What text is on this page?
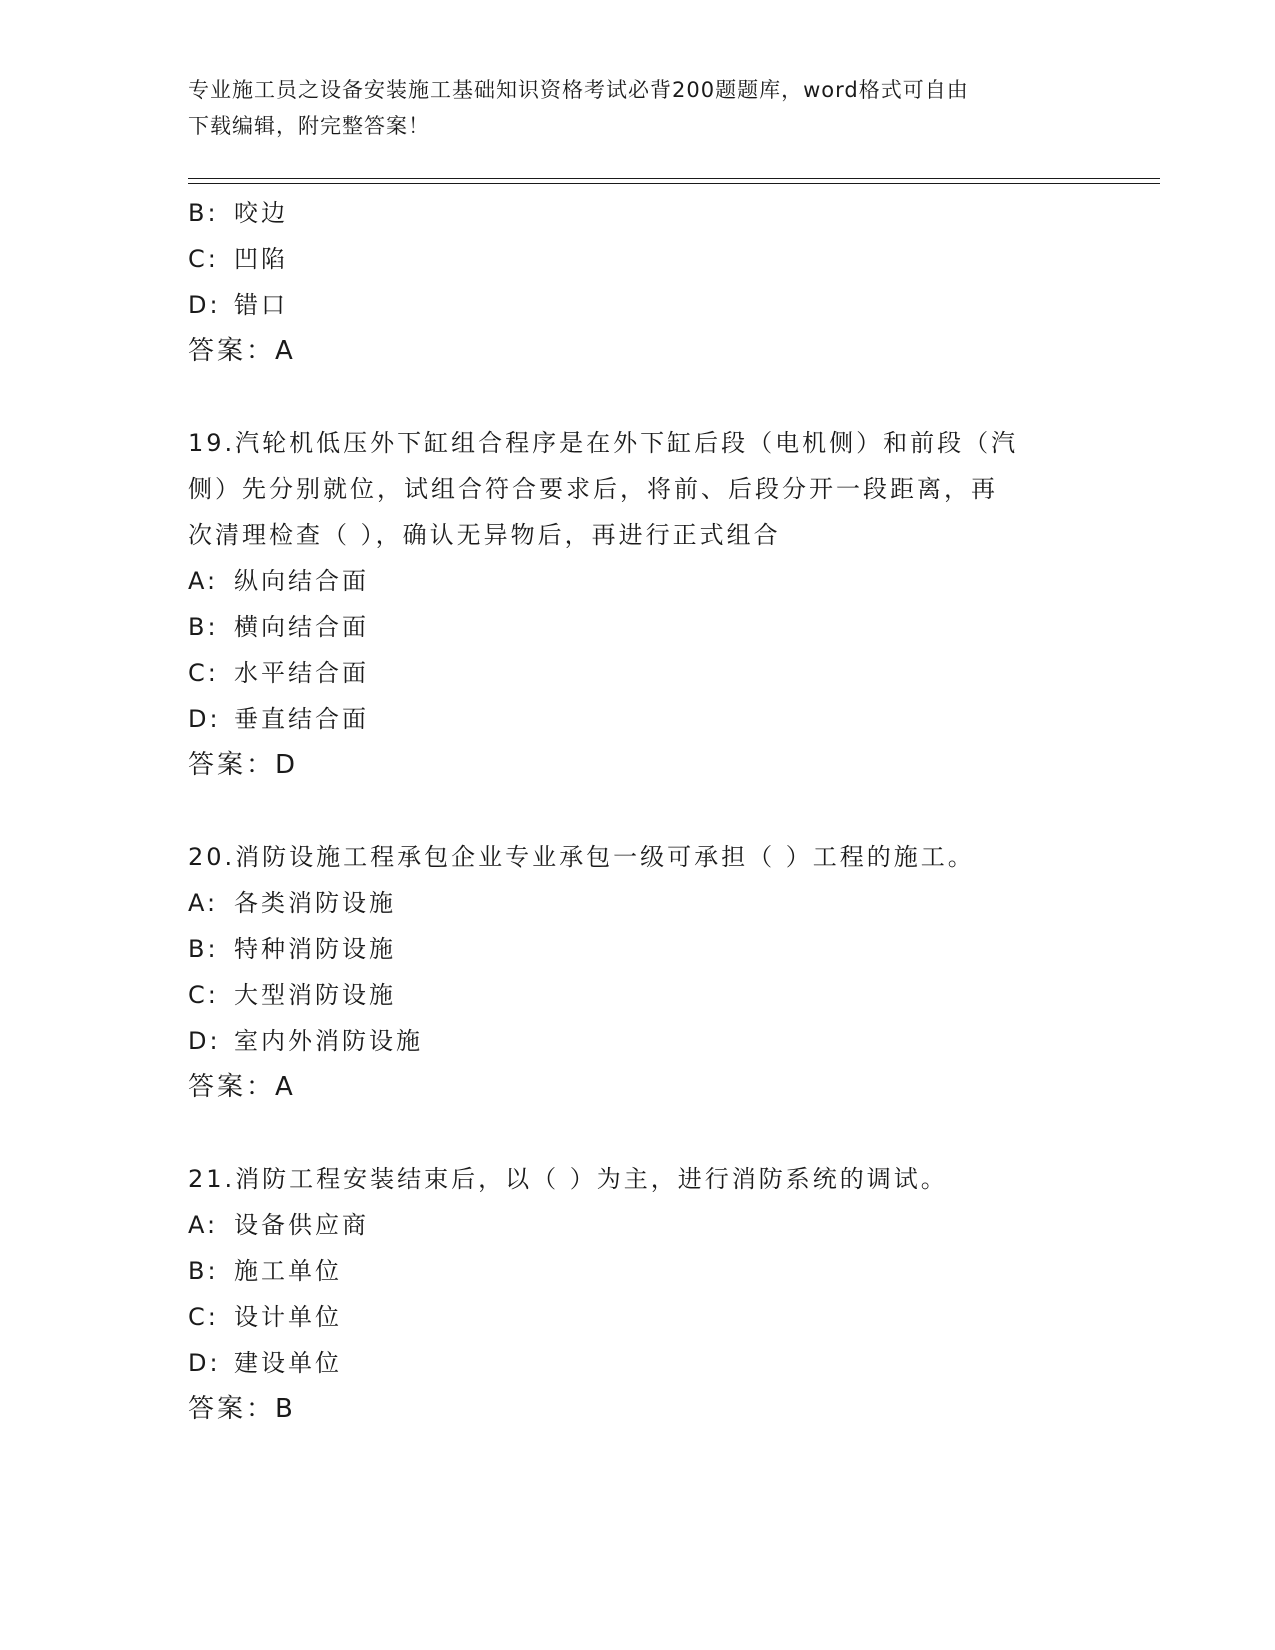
专业施工员之设备安装施工基础知识资格考试必背200题题库，word格式可自由
下载编辑，附完整答案！
B: 咬边
C: 凹陷
D: 错口
答案：A
19.汽轮机低压外下缸组合程序是在外下缸后段（电机侧）和前段（汽
侧）先分别就位，试组合符合要求后，将前、后段分开一段距离，再
次清理检查（ ），确认无异物后，再进行正式组合
A: 纵向结合面
B: 横向结合面
C: 水平结合面
D: 垂直结合面
答案：D
20.消防设施工程承包企业专业承包一级可承担（ ）工程的施工。
A: 各类消防设施
B: 特种消防设施
C: 大型消防设施
D: 室内外消防设施
答案：A
21.消防工程安装结束后，以（ ）为主，进行消防系统的调试。
A: 设备供应商
B: 施工单位
C: 设计单位
D: 建设单位
答案：B
